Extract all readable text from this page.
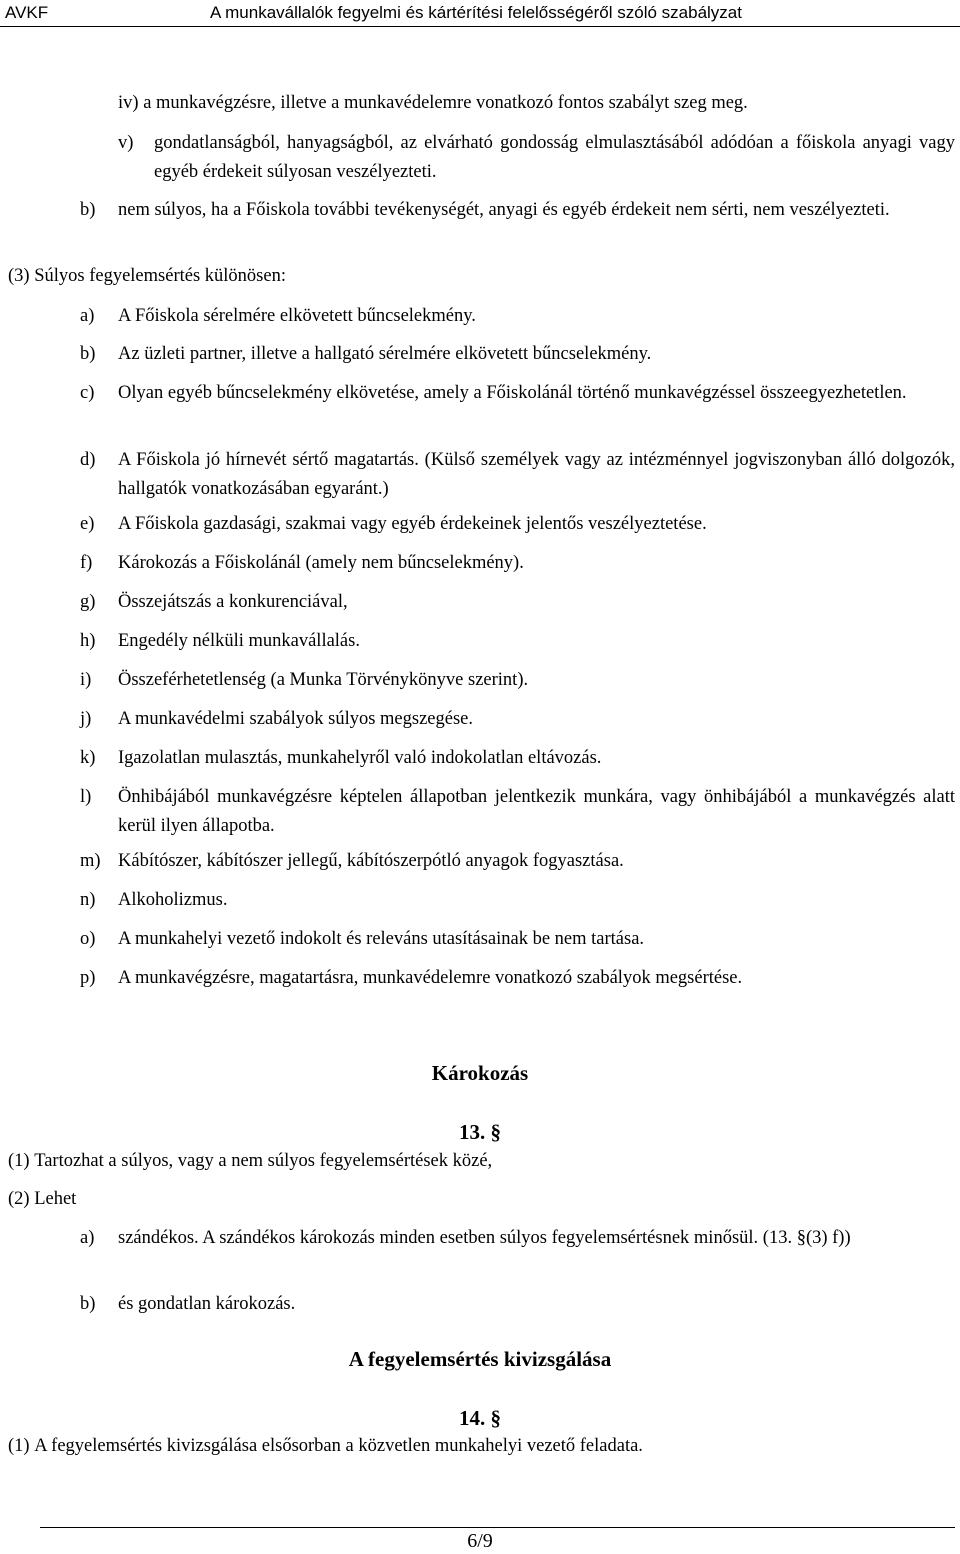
AVKF	A munkavállalók fegyelmi és kártérítési felelősségéről szóló szabályzat
iv) a munkavégzésre, illetve a munkavédelemre vonatkozó fontos szabályt szeg meg.
v) gondatlanságból, hanyagságból, az elvárható gondosság elmulasztásából adódóan a főiskola anyagi vagy egyéb érdekeit súlyosan veszélyezteti.
b)	nem súlyos, ha a Főiskola további tevékenységét, anyagi és egyéb érdekeit nem sérti, nem veszélyezteti.
(3) Súlyos fegyelemsértés különösen:
a) A Főiskola sérelmére elkövetett bűncselekmény.
b) Az üzleti partner, illetve a hallgató sérelmére elkövetett bűncselekmény.
c)	Olyan egyéb bűncselekmény elkövetése, amely a Főiskolánál történő munkavégzéssel összeegyezhetetlen.
d) A Főiskola jó hírnevét sértő magatartás. (Külső személyek vagy az intézménnyel jogviszonyban álló dolgozók, hallgatók vonatkozásában egyaránt.)
e) A Főiskola gazdasági, szakmai vagy egyéb érdekeinek jelentős veszélyeztetése.
f) Károkozás a Főiskolánál (amely nem bűncselekmény).
g) Összejátszás a konkurenciával,
h) Engedély nélküli munkavállalás.
i) Összeférhetetlenség (a Munka Törvénykönyve szerint).
j) A munkavédelmi szabályok súlyos megszegése.
k) Igazolatlan mulasztás, munkahelyről való indokolatlan eltávozás.
l) Önhibájából munkavégzésre képtelen állapotban jelentkezik munkára, vagy önhibájából a munkavégzés alatt kerül ilyen állapotba.
m) Kábítószer, kábítószer jellegű, kábítószerpótló anyagok fogyasztása.
n) Alkoholizmus.
o) A munkahelyi vezető indokolt és releváns utasításainak be nem tartása.
p) A munkavégzésre, magatartásra, munkavédelemre vonatkozó szabályok megsértése.
Károkozás
13. §
(1) Tartozhat a súlyos, vagy a nem súlyos fegyelemsértések közé,
(2) Lehet
a) szándékos. A szándékos károkozás minden esetben súlyos fegyelemsértésnek minősül. (13. §(3) f))
b) és gondatlan károkozás.
A fegyelemsértés kivizsgálása
14. §
(1) A fegyelemsértés kivizsgálása elsősorban a közvetlen munkahelyi vezető feladata.
6/9
